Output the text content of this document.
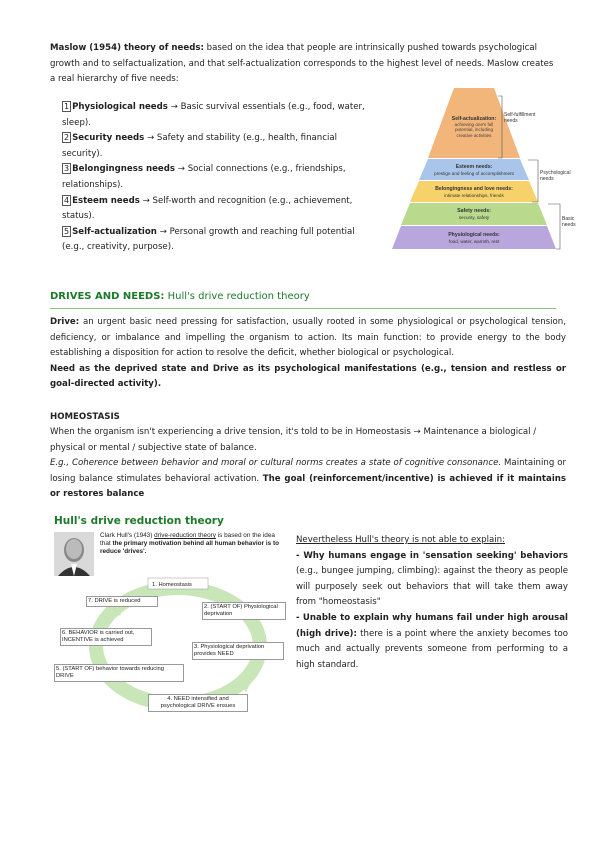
Maslow (1954) theory of needs: based on the idea that people are intrinsically pushed towards psychological growth and to selfactualization, and that self-actualization corresponds to the highest level of needs. Maslow creates a real hierarchy of five needs:

1 Physiological needs → Basic survival essentials (e.g., food, water, sleep).
2 Security needs → Safety and stability (e.g., health, financial security).
3 Belongingness needs → Social connections (e.g., friendships, relationships).
4 Esteem needs → Self-worth and recognition (e.g., achievement, status).
5 Self-actualization → Personal growth and reaching full potential (e.g., creativity, purpose).
Self-actualization:
achieving one's full potential, including creative activities
Esteem needs:
prestige and feeling of accomplishment
Belongingness and love needs:
intimate relationships, friends
Safety needs:
security, safety
Physiological needs:
food, water, warmth, rest
Self-fulfillment needs
Psychological needs
Basic needs
DRIVES AND NEEDS: Hull's drive reduction theory

Drive: an urgent basic need pressing for satisfaction, usually rooted in some physiological or psychological tension, deficiency, or imbalance and impelling the organism to action. Its main function: to provide energy to the body establishing a disposition for action to resolve the deficit, whether biological or psychological.

Need as the deprived state and Drive as its psychological manifestations (e.g., tension and restless or goal-directed activity).

HOMEOSTASIS

When the organism isn't experiencing a drive tension, it's told to be in Homeostasis → Maintenance a biological / physical or mental / subjective state of balance.

E.g., Coherence between behavior and moral or cultural norms creates a state of cognitive consonance. Maintaining or losing balance stimulates behavioral activation. The goal (reinforcement/incentive) is achieved if it maintains or restores balance

Hull's drive reduction theory
Clark Hull's (1943) drive-reduction theory is based on the idea that the primary motivation behind all human behavior is to reduce 'drives'.
1. Homeostasis
2. (START OF) Physiological deprivation
3. Physiological deprivation provides NEED
4. NEED intensified and psychological DRIVE ensues
5. (START OF) behavior towards reducing DRIVE
6. BEHAVIOR is carried out, INCENTIVE is achieved
7. DRIVE is reduced

Nevertheless Hull's theory is not able to explain:

- Why humans engage in 'sensation seeking' behaviors (e.g., bungee jumping, climbing): against the theory as people will purposely seek out behaviors that will take them away from "homeostasis"

- Unable to explain why humans fail under high arousal (high drive): there is a point where the anxiety becomes too much and actually prevents someone from performing to a high standard.
